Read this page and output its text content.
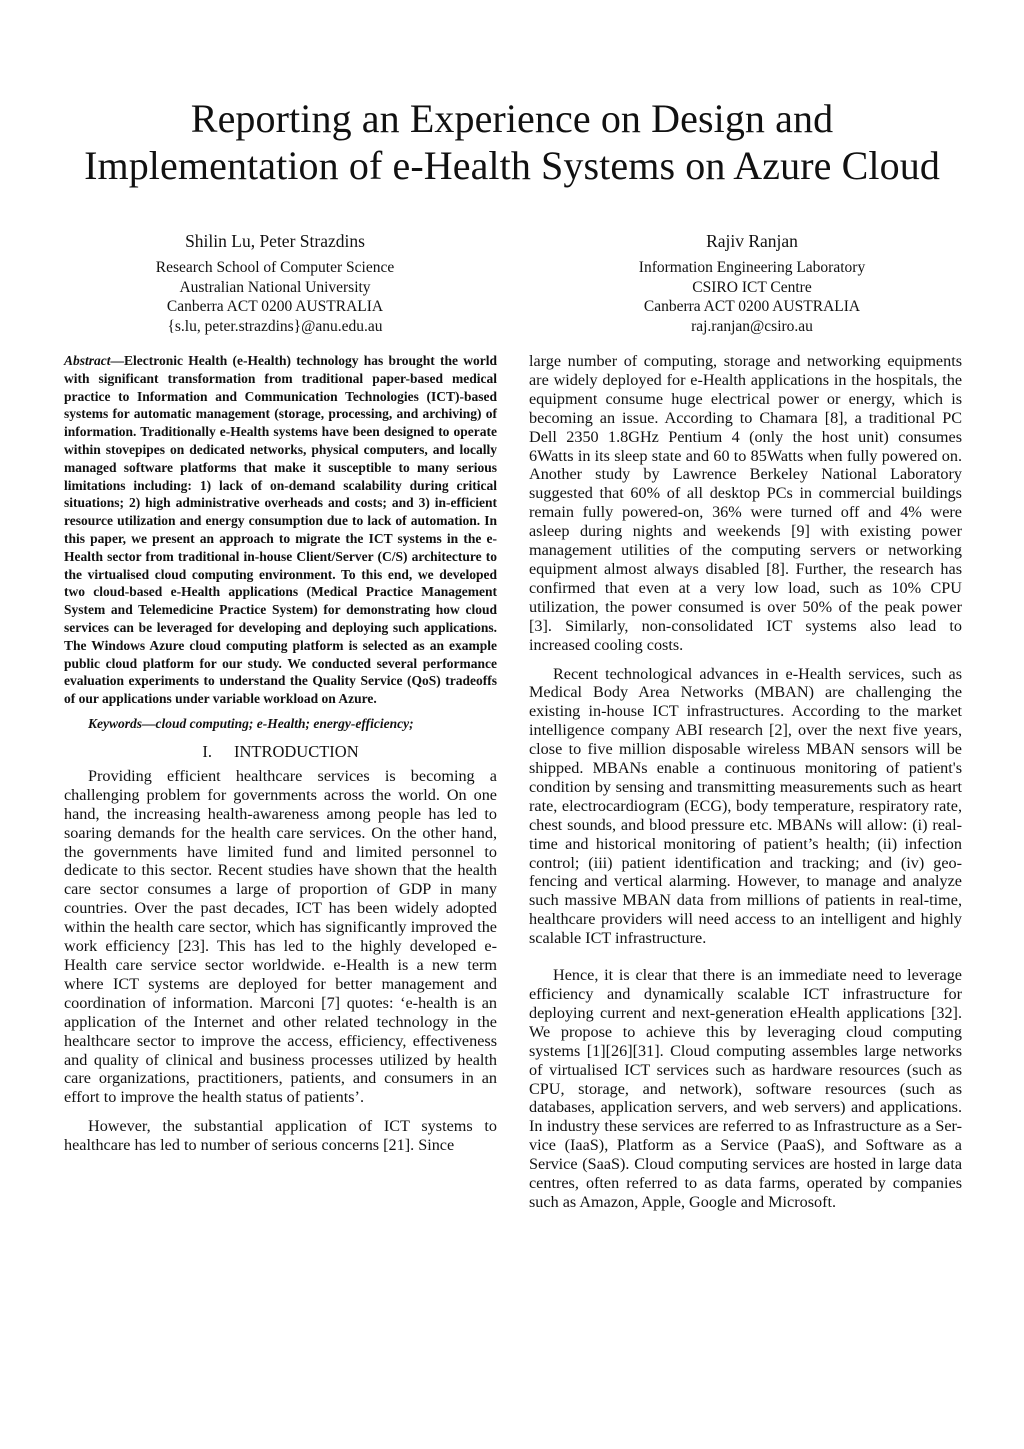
Reporting an Experience on Design and
Implementation of e-Health Systems on Azure Cloud
Shilin Lu, Peter Strazdins
Research School of Computer Science
Australian National University
Canberra ACT 0200 AUSTRALIA
{s.lu, peter.strazdins}@anu.edu.au
Rajiv Ranjan
Information Engineering Laboratory
CSIRO ICT Centre
Canberra ACT 0200 AUSTRALIA
raj.ranjan@csiro.au

Abstract—Electronic Health (e-Health) technology has brought the world with significant transformation from traditional paper-based medical practice to Information and Communication Technologies (ICT)-based systems for automatic management (storage, processing, and archiving) of information. Traditionally e-Health systems have been designed to operate within stovepipes on dedicated networks, physical computers, and locally managed software platforms that make it susceptible to many serious limitations including: 1) lack of on-demand scalability during critical situations; 2) high administrative overheads and costs; and 3) in-efficient resource utilization and energy consumption due to lack of automation. In this paper, we present an approach to migrate the ICT systems in the e-Health sector from traditional in-house Client/Server (C/S) architecture to the virtualised cloud computing environment. To this end, we developed two cloud-based e-Health applications (Medical Practice Management System and Telemedicine Practice System) for demonstrating how cloud services can be leveraged for developing and deploying such applications. The Windows Azure cloud computing platform is selected as an example public cloud platform for our study. We conducted several performance evaluation experiments to understand the Quality Service (QoS) tradeoffs of our applications under variable workload on Azure.

Keywords—cloud computing; e-Health; energy-efficiency;

I. INTRODUCTION

Providing efficient healthcare services is becoming a challenging problem for governments across the world. On one hand, the increasing health-awareness among people has led to soaring demands for the health care services. On the other hand, the governments have limited fund and limited personnel to dedicate to this sector. Recent studies have shown that the health care sector consumes a large of proportion of GDP in many countries. Over the past decades, ICT has been widely adopted within the health care sector, which has significantly improved the work efficiency [23]. This has led to the highly developed e-Health care service sector worldwide. e-Health is a new term where ICT systems are deployed for better management and coordination of information. Marconi [7] quotes: ‘e-health is an application of the Internet and other related technology in the healthcare sector to improve the access, efficiency, effectiveness and quality of clinical and business processes utilized by health care organizations, practitioners, patients, and consumers in an effort to improve the health status of patients’.

However, the substantial application of ICT systems to healthcare has led to number of serious concerns [21]. Since

large number of computing, storage and networking equipments are widely deployed for e-Health applications in the hospitals, the equipment consume huge electrical power or energy, which is becoming an issue. According to Chamara [8], a traditional PC Dell 2350 1.8GHz Pentium 4 (only the host unit) consumes 6Watts in its sleep state and 60 to 85Watts when fully powered on. Another study by Lawrence Berkeley National Laboratory suggested that 60% of all desktop PCs in commercial buildings remain fully powered-on, 36% were turned off and 4% were asleep during nights and weekends [9] with existing power management utilities of the computing servers or networking equipment almost always disabled [8]. Further, the research has confirmed that even at a very low load, such as 10% CPU utilization, the power consumed is over 50% of the peak power [3]. Similarly, non-consolidated ICT systems also lead to increased cooling costs.

Recent technological advances in e-Health services, such as Medical Body Area Networks (MBAN) are challenging the existing in-house ICT infrastructures. According to the market intelligence company ABI research [2], over the next five years, close to five million disposable wireless MBAN sensors will be shipped. MBANs enable a continuous monitoring of patient's condition by sensing and transmitting measurements such as heart rate, electrocardiogram (ECG), body temperature, respiratory rate, chest sounds, and blood pressure etc. MBANs will allow: (i) real-time and historical monitoring of patient’s health; (ii) infection control; (iii) patient identification and tracking; and (iv) geo-fencing and vertical alarming. However, to manage and analyze such massive MBAN data from millions of patients in real-time, healthcare providers will need access to an intelligent and highly scalable ICT infrastructure.

Hence, it is clear that there is an immediate need to leverage efficiency and dynamically scalable ICT infrastructure for deploying current and next-generation eHealth applications [32]. We propose to achieve this by leveraging cloud computing systems [1][26][31]. Cloud computing assembles large networks of virtualised ICT services such as hardware resources (such as CPU, storage, and network), software resources (such as databases, application servers, and web servers) and applications. In industry these services are referred to as Infrastructure as a Ser-vice (IaaS), Platform as a Service (PaaS), and Software as a Service (SaaS). Cloud computing services are hosted in large data centres, often referred to as data farms, operated by companies such as Amazon, Apple, Google and Microsoft.
